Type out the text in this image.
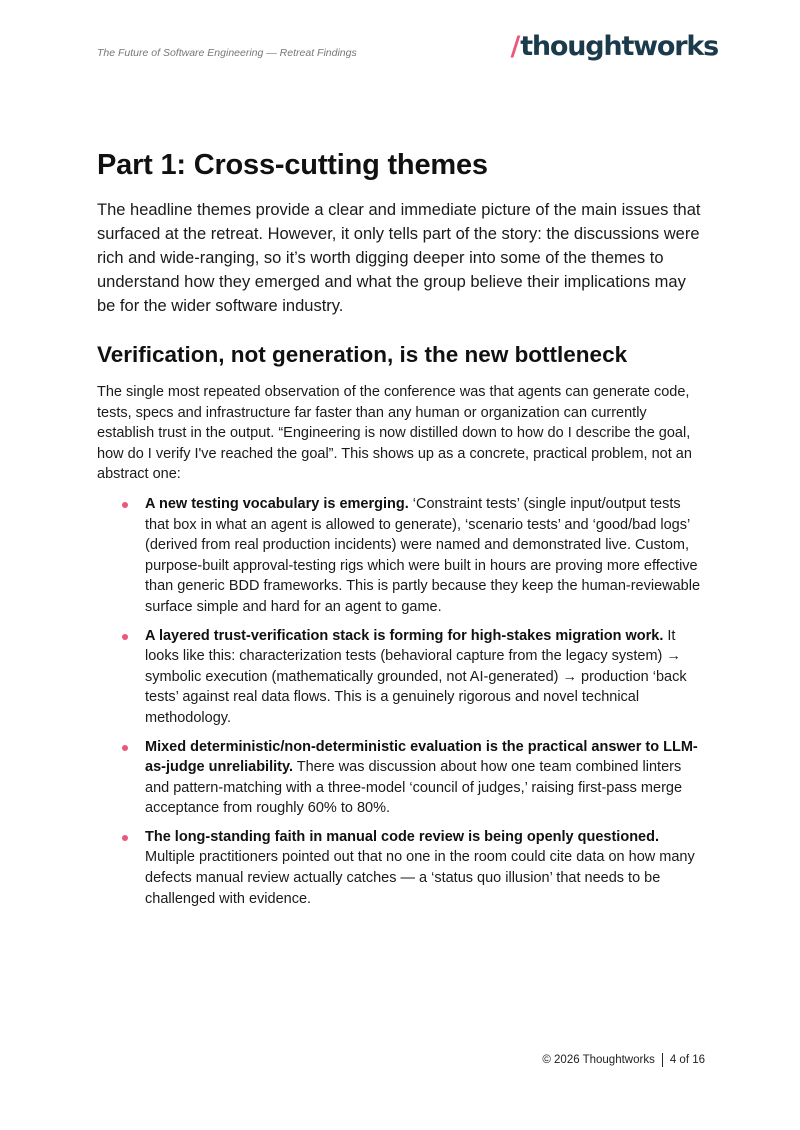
The Future of Software Engineering — Retreat Findings	/thoughtworks
Part 1: Cross-cutting themes

The headline themes provide a clear and immediate picture of the main issues that surfaced at the retreat. However, it only tells part of the story: the discussions were rich and wide-ranging, so it’s worth digging deeper into some of the themes to understand how they emerged and what the group believe their implications may be for the wider software industry.

Verification, not generation, is the new bottleneck

The single most repeated observation of the conference was that agents can generate code, tests, specs and infrastructure far faster than any human or organization can currently establish trust in the output. “Engineering is now distilled down to how do I describe the goal, how do I verify I've reached the goal”. This shows up as a concrete, practical problem, not an abstract one:

A new testing vocabulary is emerging. ‘Constraint tests’ (single input/output tests that box in what an agent is allowed to generate), ‘scenario tests’ and ‘good/bad logs’ (derived from real production incidents) were named and demonstrated live. Custom, purpose-built approval-testing rigs which were built in hours are proving more effective than generic BDD frameworks. This is partly because they keep the human-reviewable surface simple and hard for an agent to game.
A layered trust-verification stack is forming for high-stakes migration work. It looks like this: characterization tests (behavioral capture from the legacy system) → symbolic execution (mathematically grounded, not AI-generated) → production ‘back tests’ against real data flows. This is a genuinely rigorous and novel technical methodology.
Mixed deterministic/non-deterministic evaluation is the practical answer to LLM-as-judge unreliability. There was discussion about how one team combined linters and pattern-matching with a three-model ‘council of judges,’ raising first-pass merge acceptance from roughly 60% to 80%.
The long-standing faith in manual code review is being openly questioned. Multiple practitioners pointed out that no one in the room could cite data on how many defects manual review actually catches — a ‘status quo illusion’ that needs to be challenged with evidence.
© 2026 Thoughtworks 4 of 16
